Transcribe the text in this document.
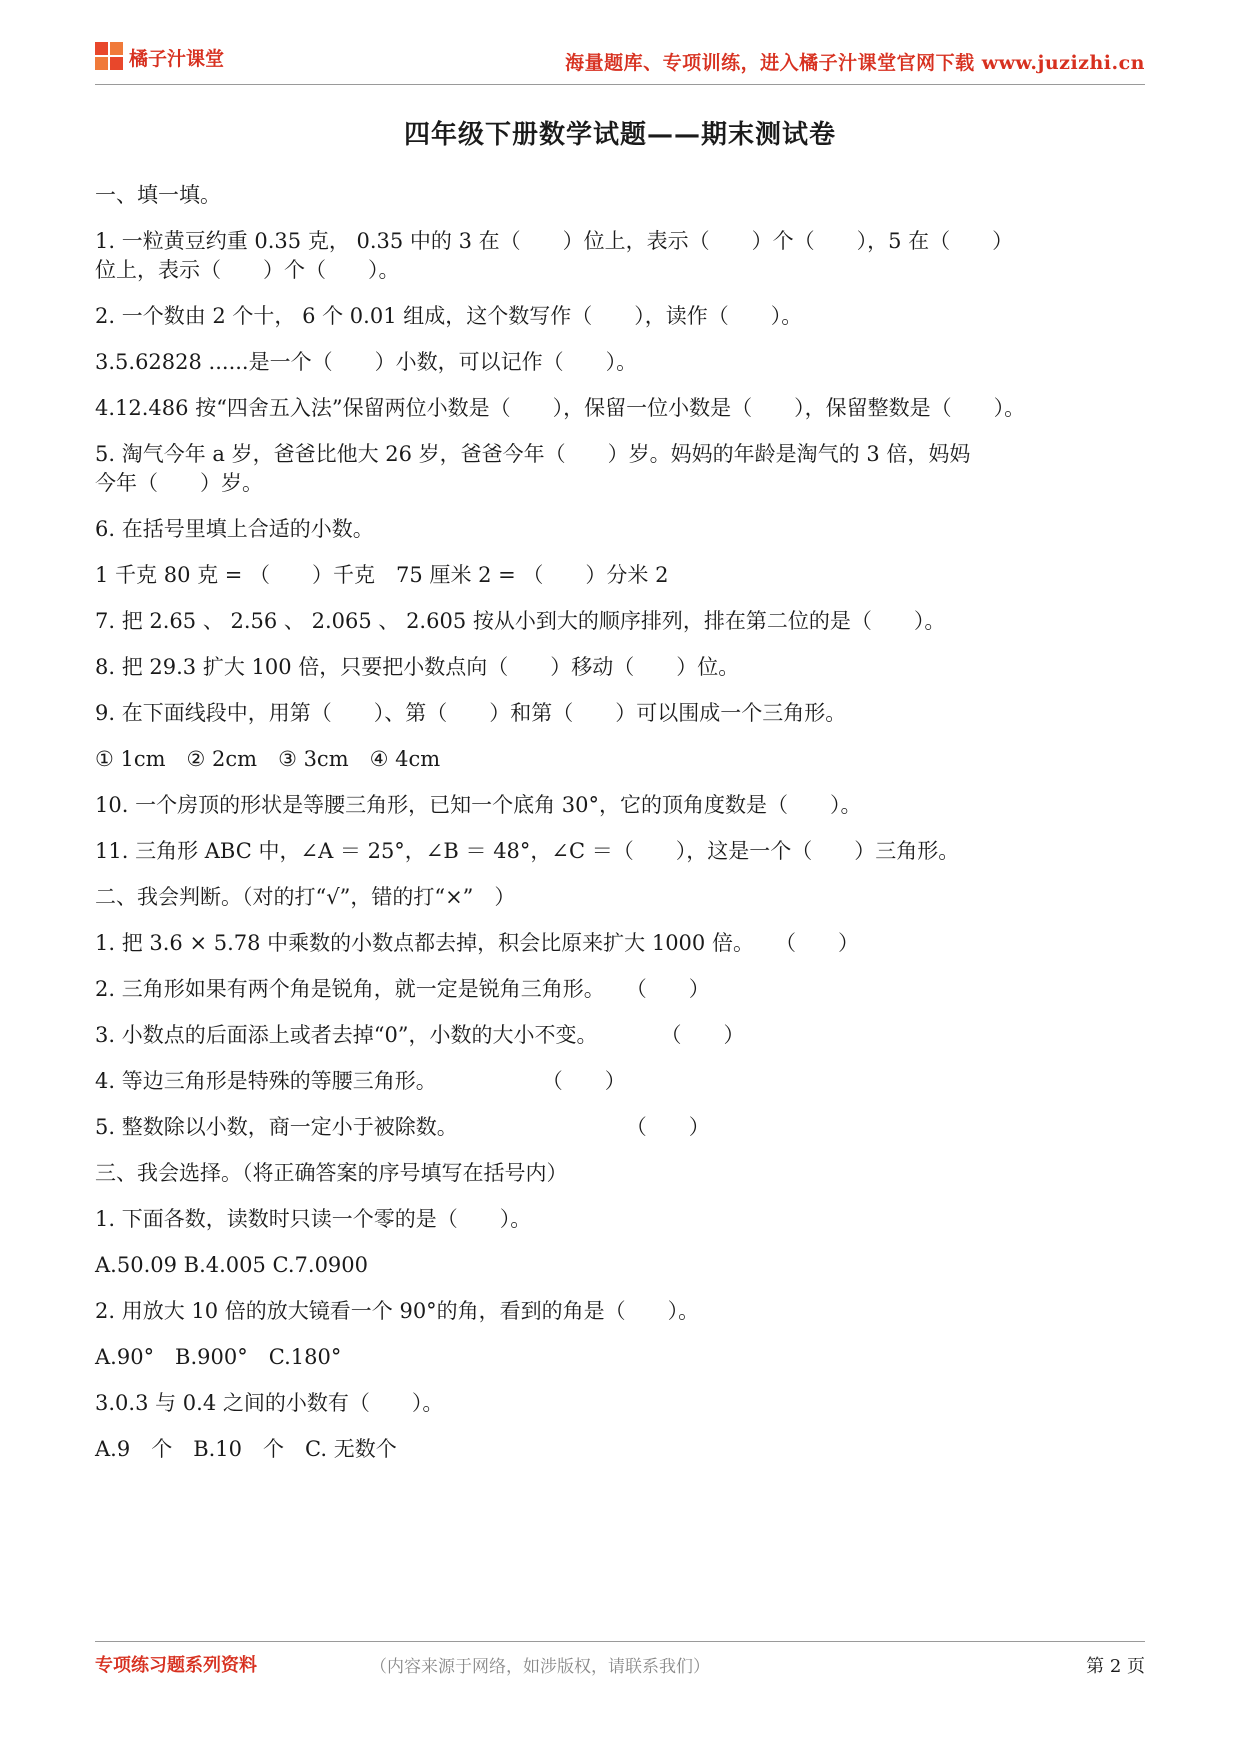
橘子汁课堂	海量题库、专项训练，进入橘子汁课堂官网下载 www.juzizhi.cn
四年级下册数学试题——期末测试卷

一、填一填。

1. 一粒黄豆约重 0.35 克， 0.35 中的 3 在（　　）位上，表示（　　）个（　　），5 在（　　）

位上，表示（　　）个（　　）。

2. 一个数由 2 个十， 6 个 0.01 组成，这个数写作（　　），读作（　　）。

3.5.62828 ......是一个（　　）小数，可以记作（　　）。

4.12.486 按“四舍五入法”保留两位小数是（　　），保留一位小数是（　　），保留整数是（　　）。

5. 淘气今年 a 岁，爸爸比他大 26 岁，爸爸今年（　　）岁。妈妈的年龄是淘气的 3 倍，妈妈

今年（　　）岁。

6. 在括号里填上合适的小数。

1 千克 80 克 = （　　）千克　75 厘米 2 = （　　）分米 2

7. 把 2.65 、 2.56 、 2.065 、 2.605 按从小到大的顺序排列，排在第二位的是（　　）。

8. 把 29.3 扩大 100 倍，只要把小数点向（　　）移动（　　）位。

9. 在下面线段中，用第（　　）、第（　　）和第（　　）可以围成一个三角形。

① 1cm　② 2cm　③ 3cm　④ 4cm

10. 一个房顶的形状是等腰三角形，已知一个底角 30°，它的顶角度数是（　　）。

11. 三角形 ABC 中，∠A ＝ 25°，∠B ＝ 48°，∠C ＝（　　），这是一个（　　）三角形。

二、我会判断。（对的打“√”，错的打“×”　）

1. 把 3.6 × 5.78 中乘数的小数点都去掉，积会比原来扩大 1000 倍。　　（　　）

2. 三角形如果有两个角是锐角，就一定是锐角三角形。　　（　　）

3. 小数点的后面添上或者去掉“0”，小数的大小不变。　　　　（　　）

4. 等边三角形是特殊的等腰三角形。　　　　　　（　　）

5. 整数除以小数，商一定小于被除数。　　　　　　　　　（　　）

三、我会选择。（将正确答案的序号填写在括号内）

1. 下面各数，读数时只读一个零的是（　　）。

A.50.09 B.4.005 C.7.0900

2. 用放大 10 倍的放大镜看一个 90°的角，看到的角是（　　）。

A.90°　B.900°　C.180°

3.0.3 与 0.4 之间的小数有（　　）。

A.9　个　B.10　个　C. 无数个

专项练习题系列资料	（内容来源于网络，如涉版权，请联系我们）	第 2 页
